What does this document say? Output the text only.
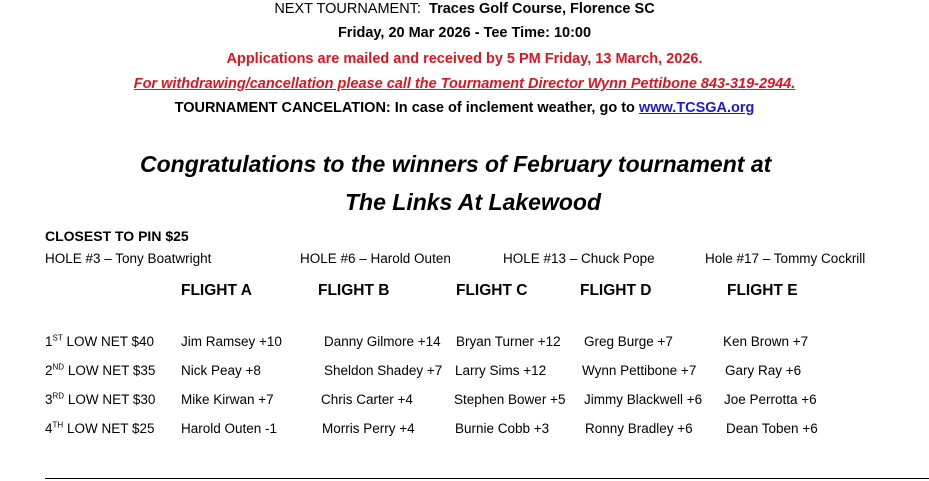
NEXT TOURNAMENT: Traces Golf Course, Florence SC
Friday, 20 Mar 2026 - Tee Time: 10:00
Applications are mailed and received by 5 PM Friday, 13 March, 2026.
For withdrawing/cancellation please call the Tournament Director Wynn Pettibone 843-319-2944.
TOURNAMENT CANCELATION: In case of inclement weather, go to www.TCSGA.org
Congratulations to the winners of February tournament at
The Links At Lakewood
CLOSEST TO PIN $25
HOLE #3 – Tony Boatwright	HOLE #6 – Harold Outen	HOLE #13 – Chuck Pope	Hole #17 – Tommy Cockrill
FLIGHT A	FLIGHT B	FLIGHT C	FLIGHT D	FLIGHT E
1ST LOW NET $40 Jim Ramsey +10	Danny Gilmore +14 Bryan Turner +12 Greg Burge +7	Ken Brown +7
2ND LOW NET $35 Nick Peay +8	Sheldon Shadey +7 Larry Sims +12	Wynn Pettibone +7 Gary Ray +6
3RD LOW NET $30 Mike Kirwan +7	Chris Carter +4	Stephen Bower +5 Jimmy Blackwell +6 Joe Perrotta +6
4TH LOW NET $25 Harold Outen -1	Morris Perry +4	Burnie Cobb +3	Ronny Bradley +6 Dean Toben +6
